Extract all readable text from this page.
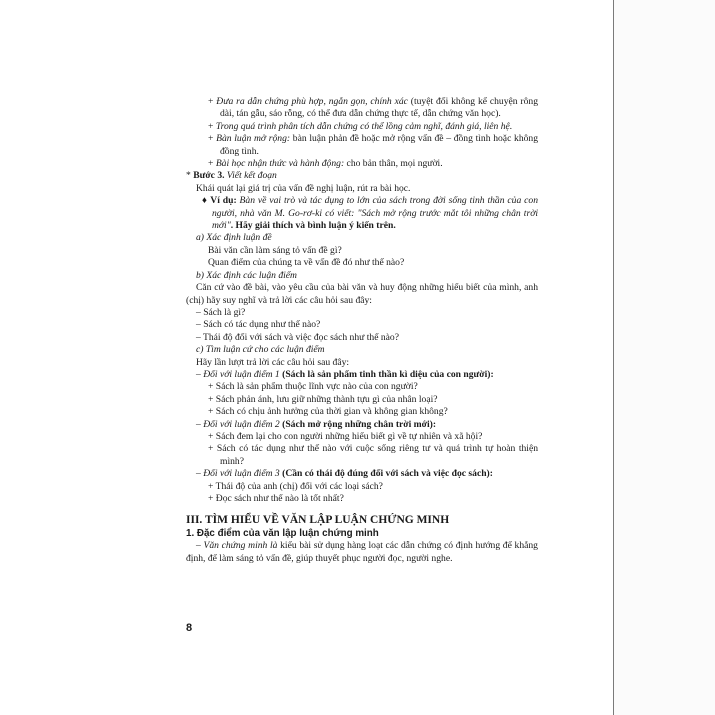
+ Đưa ra dẫn chứng phù hợp, ngắn gọn, chính xác (tuyệt đối không kể chuyện rông dài, tán gẫu, sáo rỗng, có thể đưa dẫn chứng thực tế, dẫn chứng văn học).

+ Trong quá trình phân tích dẫn chứng có thể lồng cảm nghĩ, đánh giá, liên hệ.

+ Bàn luận mở rộng: bàn luận phản đề hoặc mở rộng vấn đề – đồng tình hoặc không đồng tình.

+ Bài học nhận thức và hành động: cho bản thân, mọi người.

* Bước 3. Viết kết đoạn

Khái quát lại giá trị của vấn đề nghị luận, rút ra bài học.

♦ Ví dụ: Bàn về vai trò và tác dụng to lớn của sách trong đời sống tinh thần của con người, nhà văn M. Go-rơ-ki có viết: "Sách mở rộng trước mắt tôi những chân trời mới". Hãy giải thích và bình luận ý kiến trên.

a) Xác định luận đề

Bài văn cần làm sáng tỏ vấn đề gì?

Quan điểm của chúng ta về vấn đề đó như thế nào?

b) Xác định các luận điểm

Căn cứ vào đề bài, vào yêu cầu của bài văn và huy động những hiểu biết của mình, anh (chị) hãy suy nghĩ và trả lời các câu hỏi sau đây:

– Sách là gì?

– Sách có tác dụng như thế nào?

– Thái độ đối với sách và việc đọc sách như thế nào?

c) Tìm luận cứ cho các luận điểm

Hãy lần lượt trả lời các câu hỏi sau đây:

– Đối với luận điểm 1 (Sách là sản phẩm tinh thần kì diệu của con người):

+ Sách là sản phẩm thuộc lĩnh vực nào của con người?

+ Sách phản ánh, lưu giữ những thành tựu gì của nhân loại?

+ Sách có chịu ảnh hưởng của thời gian và không gian không?

– Đối với luận điểm 2 (Sách mở rộng những chân trời mới):

+ Sách đem lại cho con người những hiểu biết gì về tự nhiên và xã hội?

+ Sách có tác dụng như thế nào với cuộc sống riêng tư và quá trình tự hoàn thiện mình?

– Đối với luận điểm 3 (Cần có thái độ đúng đối với sách và việc đọc sách):

+ Thái độ của anh (chị) đối với các loại sách?

+ Đọc sách như thế nào là tốt nhất?

III. TÌM HIỂU VỀ VĂN LẬP LUẬN CHỨNG MINH

1. Đặc điểm của văn lập luận chứng minh

– Văn chứng minh là kiểu bài sử dụng hàng loạt các dẫn chứng có định hướng để khẳng định, để làm sáng tỏ vấn đề, giúp thuyết phục người đọc, người nghe.

8
